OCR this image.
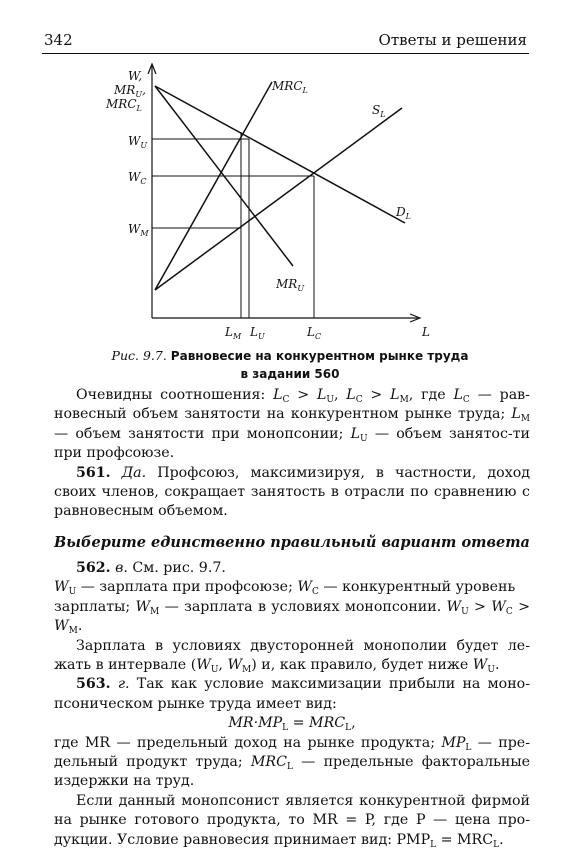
342	Ответы и решения
W,
$MR_U$,
$MRC_L$
$W_U$
$W_C$
$W_M$
$L_M$ $L_U$	$L_C$	L
$MRC_L$
$S_L$
$D_L$
$MR_U$
Рис. 9.7. Равновесие на конкурентном рынке труда
в задании 560

Очевидны соотношения: $L_C > L_U$, $L_C > L_M$, где $L_C$ — рав-новесный объем занятости на конкурентном рынке труда; $L_M$ — объем занятости при монопсонии; $L_U$ — объем занятос-ти при профсоюзе.

561. Да. Профсоюз, максимизируя, в частности, доход своих членов, сокращает занятость в отрасли по сравнению с равновесным объемом.

Выберите единственно правильный вариант ответа

562. в. См. рис. 9.7.

$W_U$ — зарплата при профсоюзе; $W_C$ — конкурентный уровень

зарплаты; $W_M$ — зарплата в условиях монопсонии. $W_U > W_C > W_M$.

Зарплата в условиях двусторонней монополии будет ле-жать в интервале ($W_U$, $W_M$) и, как правило, будет ниже $W_U$.

563. г. Так как условие максимизации прибыли на моно-псоническом рынке труда имеет вид:

$MR\cdot MP_L = MRC_L$,

где MR — предельный доход на рынке продукта; $MP_L$ — пре-дельный продукт труда; $MRC_L$ — предельные факторальные издержки на труд.

Если данный монопсонист является конкурентной фирмой на рынке готового продукта, то MR = P, где P — цена про-дукции. Условие равновесия принимает вид: $PMP_L = MRC_L$.
